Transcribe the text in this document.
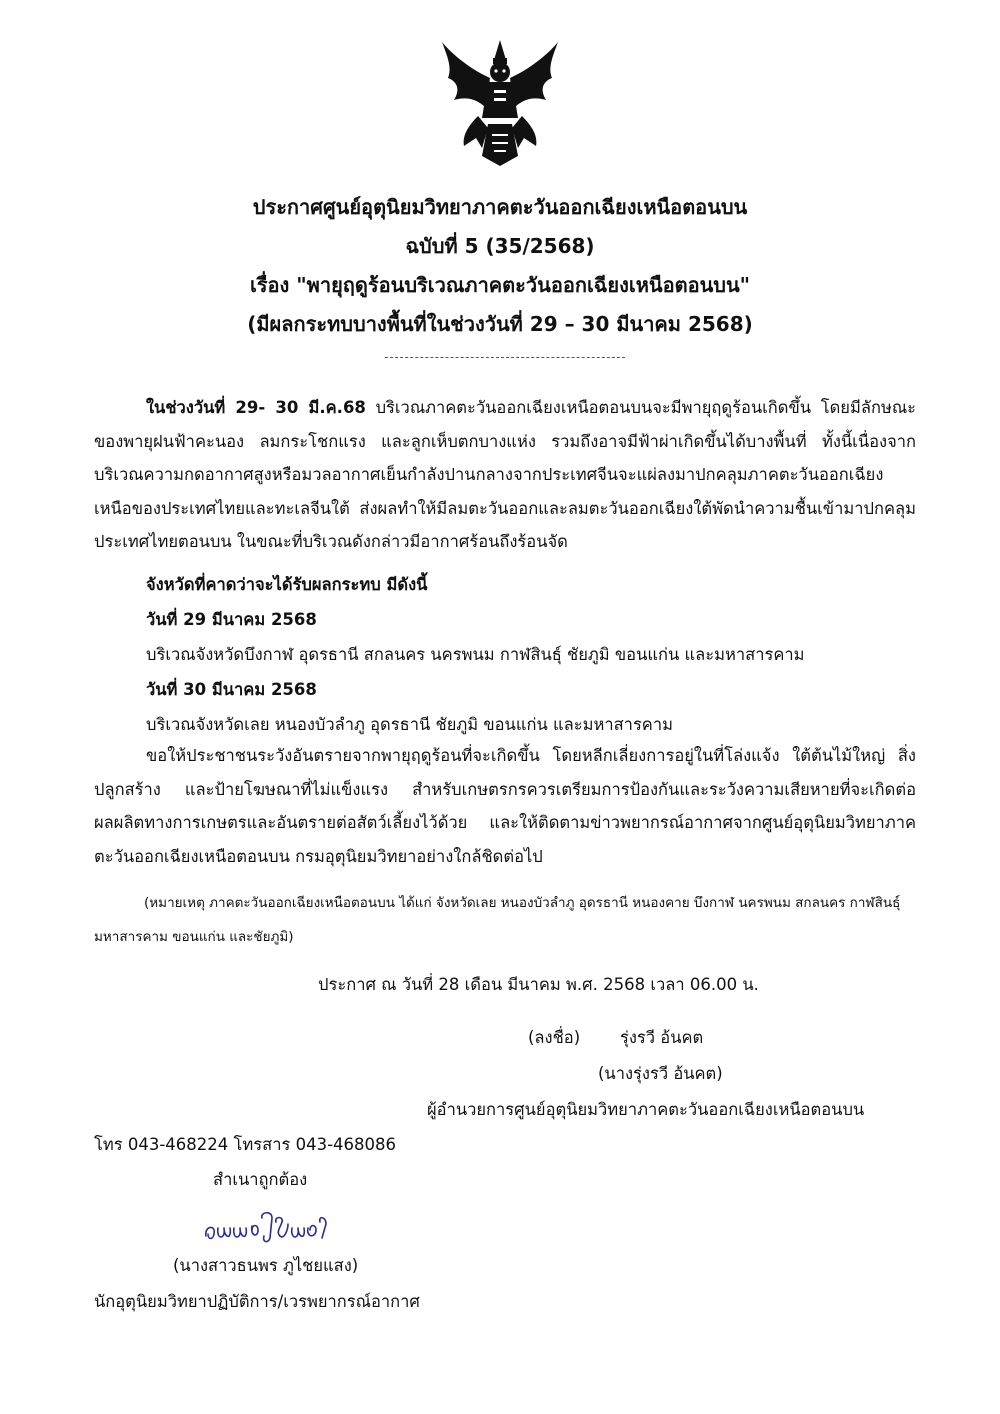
ประกาศศูนย์อุตุนิยมวิทยาภาคตะวันออกเฉียงเหนือตอนบน
ฉบับที่ 5 (35/2568)
เรื่อง "พายุฤดูร้อนบริเวณภาคตะวันออกเฉียงเหนือตอนบน"
(มีผลกระทบบางพื้นที่ในช่วงวันที่ 29 – 30 มีนาคม 2568)
ในช่วงวันที่ 29- 30 มี.ค.68 บริเวณภาคตะวันออกเฉียงเหนือตอนบนจะมีพายุฤดูร้อนเกิดขึ้น โดยมีลักษณะของพายุฝนฟ้าคะนอง ลมกระโชกแรง และลูกเห็บตกบางแห่ง รวมถึงอาจมีฟ้าผ่าเกิดขึ้นได้บางพื้นที่ ทั้งนี้เนื่องจากบริเวณความกดอากาศสูงหรือมวลอากาศเย็นกำลังปานกลางจากประเทศจีนจะแผ่ลงมาปกคลุมภาคตะวันออกเฉียงเหนือของประเทศไทยและทะเลจีนใต้ ส่งผลทำให้มีลมตะวันออกและลมตะวันออกเฉียงใต้พัดนำความชื้นเข้ามาปกคลุมประเทศไทยตอนบน ในขณะที่บริเวณดังกล่าวมีอากาศร้อนถึงร้อนจัด
จังหวัดที่คาดว่าจะได้รับผลกระทบ มีดังนี้
วันที่ 29 มีนาคม 2568
บริเวณจังหวัดบึงกาฬ อุดรธานี สกลนคร นครพนม กาฬสินธุ์ ชัยภูมิ ขอนแก่น และมหาสารคาม
วันที่ 30 มีนาคม 2568
บริเวณจังหวัดเลย หนองบัวลำภู อุดรธานี ชัยภูมิ ขอนแก่น และมหาสารคาม
ขอให้ประชาชนระวังอันตรายจากพายุฤดูร้อนที่จะเกิดขึ้น โดยหลีกเลี่ยงการอยู่ในที่โล่งแจ้ง ใต้ต้นไม้ใหญ่ สิ่งปลูกสร้าง และป้ายโฆษณาที่ไม่แข็งแรง สำหรับเกษตรกรควรเตรียมการป้องกันและระวังความเสียหายที่จะเกิดต่อผลผลิตทางการเกษตรและอันตรายต่อสัตว์เลี้ยงไว้ด้วย และให้ติดตามข่าวพยากรณ์อากาศจากศูนย์อุตุนิยมวิทยาภาคตะวันออกเฉียงเหนือตอนบน กรมอุตุนิยมวิทยาอย่างใกล้ชิดต่อไป
(หมายเหตุ ภาคตะวันออกเฉียงเหนือตอนบน ได้แก่ จังหวัดเลย หนองบัวลำภู อุดรธานี หนองคาย บึงกาฬ นครพนม สกลนคร กาฬสินธุ์ มหาสารคาม ขอนแก่น และชัยภูมิ)
ประกาศ ณ วันที่ 28 เดือน มีนาคม พ.ศ. 2568 เวลา 06.00 น.
(ลงชื่อ) รุ่งรวี อ้นคต
(นางรุ่งรวี อ้นคต)
ผู้อำนวยการศูนย์อุตุนิยมวิทยาภาคตะวันออกเฉียงเหนือตอนบน
โทร 043-468224 โทรสาร 043-468086
สำเนาถูกต้อง
(นางสาวธนพร ภูไชยแสง)
นักอุตุนิยมวิทยาปฏิบัติการ/เวรพยากรณ์อากาศ
